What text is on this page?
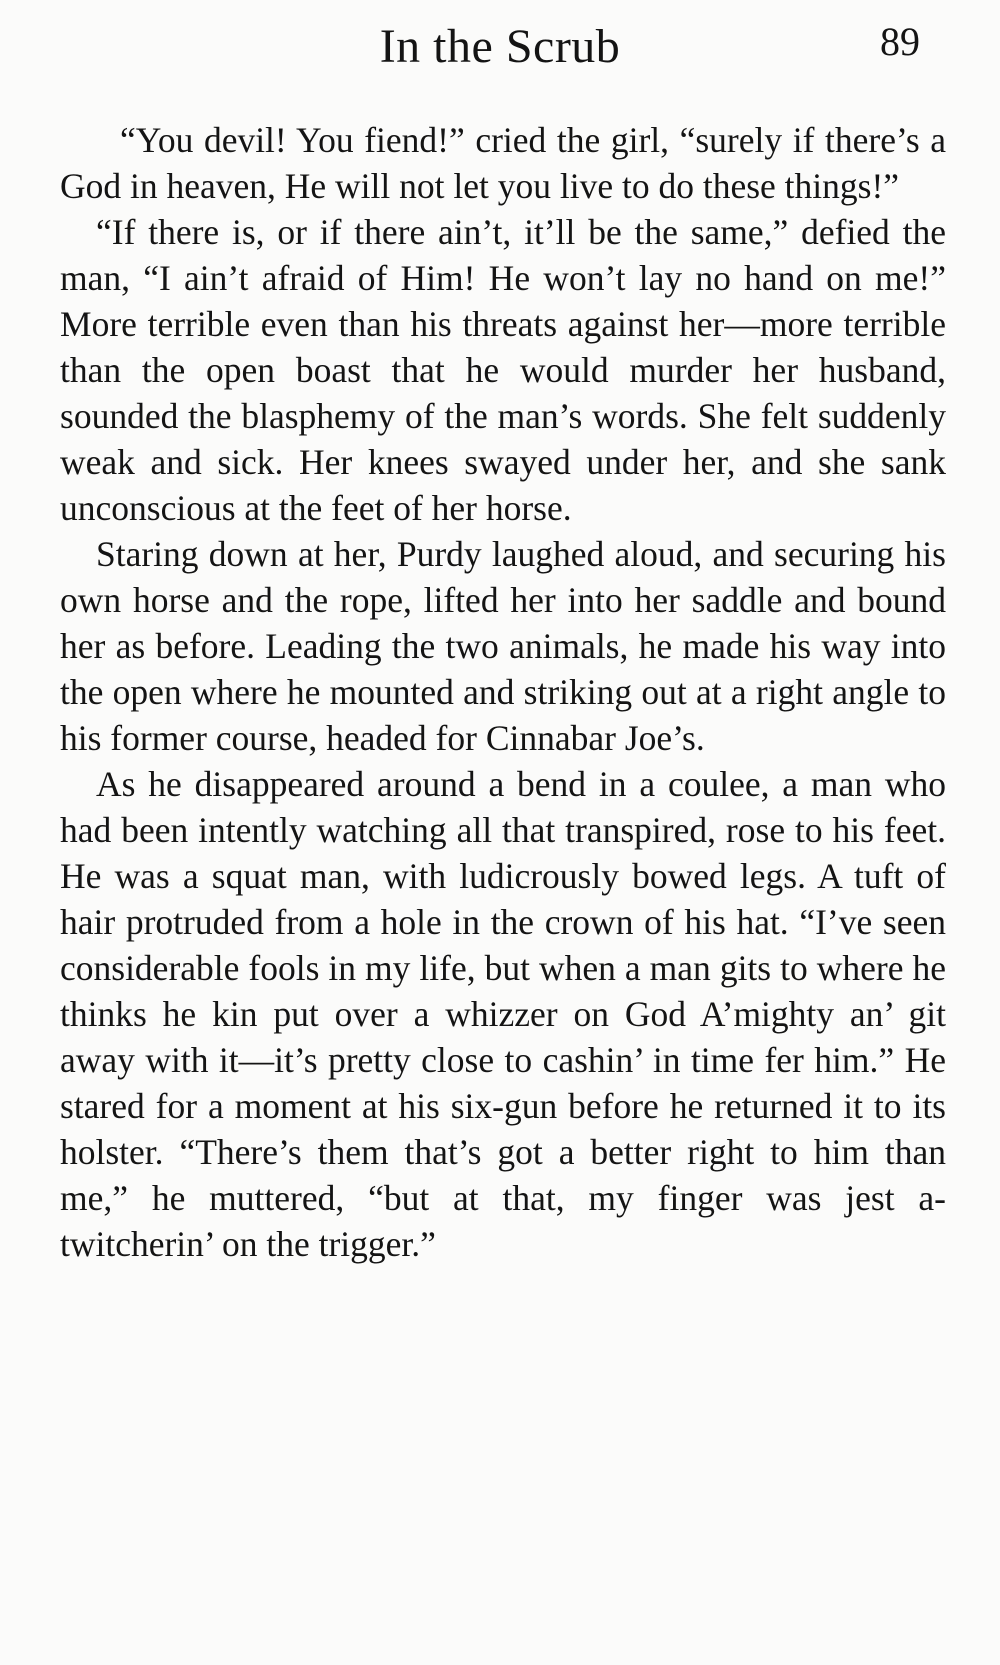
In the Scrub	89

“You devil! You fiend!” cried the girl, “surely if there’s a God in heaven, He will not let you live to do these things!”

“If there is, or if there ain’t, it’ll be the same,” defied the man, “I ain’t afraid of Him! He won’t lay no hand on me!” More terrible even than his threats against her—more terrible than the open boast that he would murder her husband, sounded the blasphemy of the man’s words. She felt suddenly weak and sick. Her knees swayed under her, and she sank unconscious at the feet of her horse.

Staring down at her, Purdy laughed aloud, and securing his own horse and the rope, lifted her into her saddle and bound her as before. Leading the two animals, he made his way into the open where he mounted and striking out at a right angle to his former course, headed for Cinnabar Joe’s.

As he disappeared around a bend in a coulee, a man who had been intently watching all that transpired, rose to his feet. He was a squat man, with ludicrously bowed legs. A tuft of hair protruded from a hole in the crown of his hat. “I’ve seen considerable fools in my life, but when a man gits to where he thinks he kin put over a whizzer on God A’mighty an’ git away with it—it’s pretty close to cashin’ in time fer him.” He stared for a moment at his six-gun before he returned it to its holster. “There’s them that’s got a better right to him than me,” he muttered, “but at that, my finger was jest a-twitcherin’ on the trigger.”
